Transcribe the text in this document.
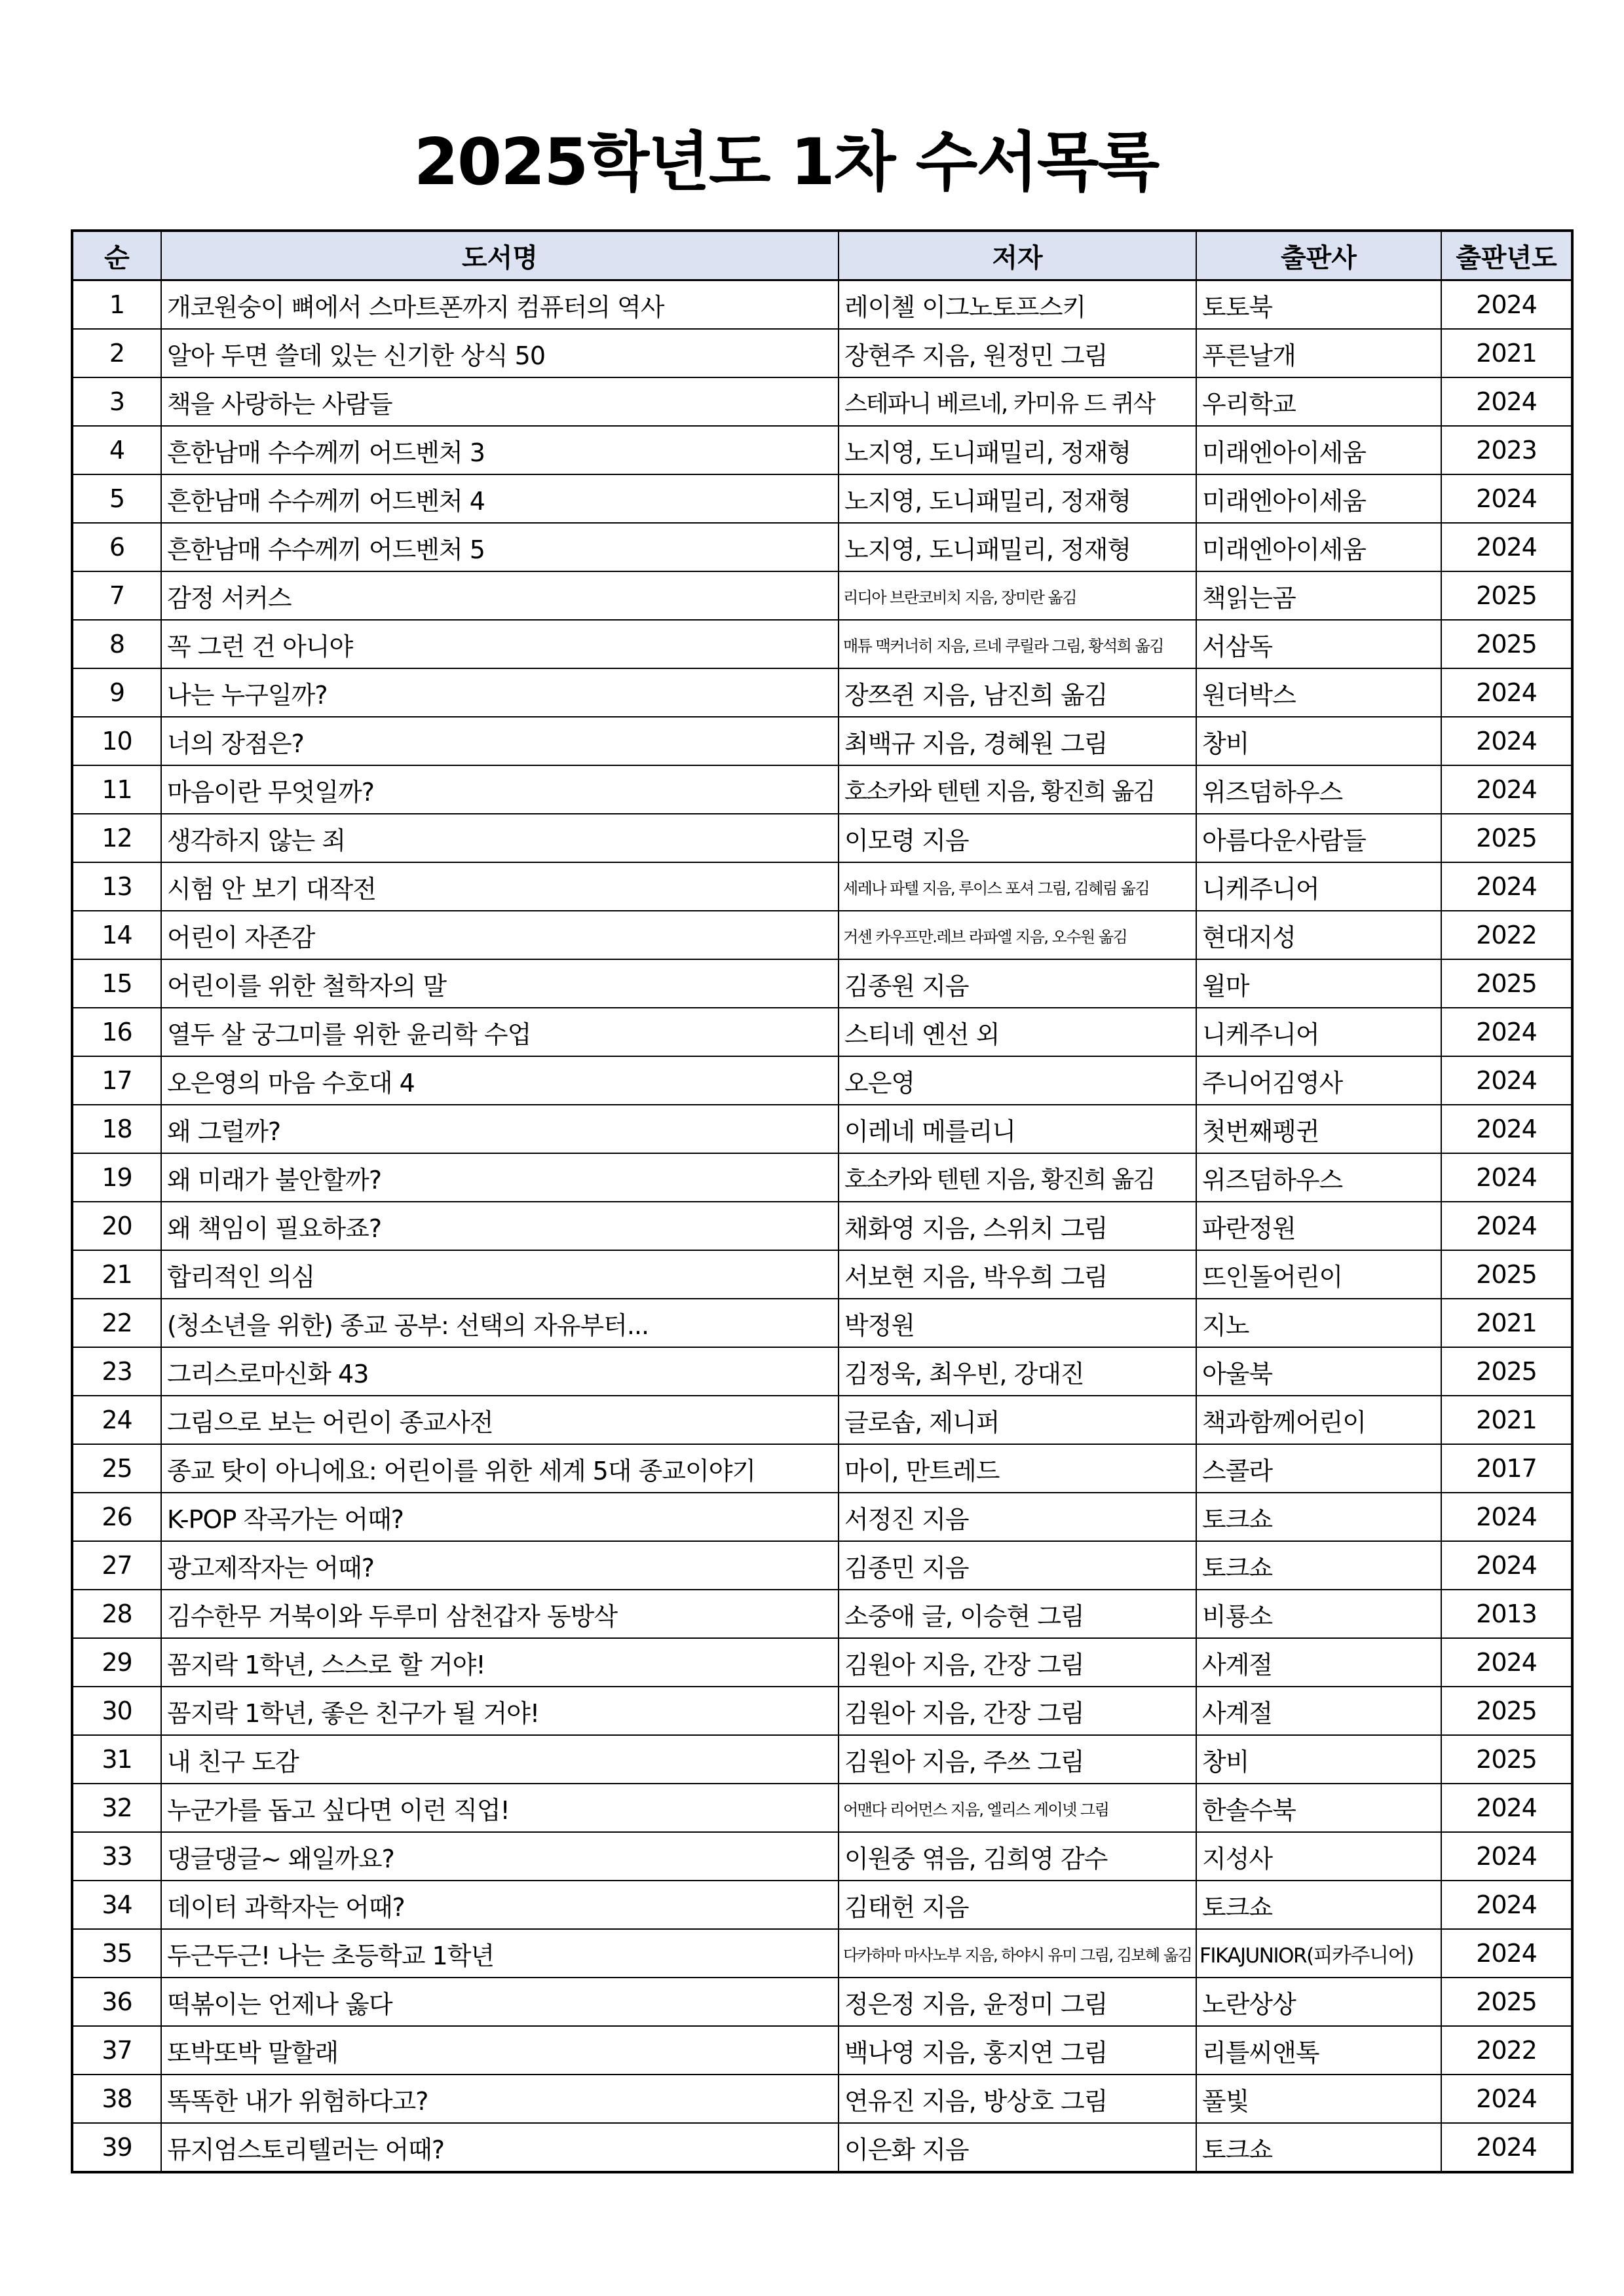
2025학년도 1차 수서목록
순	도서명	저자	출판사	출판년도
1	개코원숭이 뼈에서 스마트폰까지 컴퓨터의 역사	레이첼 이그노토프스키	토토북	2024
2	알아 두면 쓸데 있는 신기한 상식 50	장현주 지음, 원정민 그림	푸른날개	2021
3	책을 사랑하는 사람들	스테파니 베르네, 카미유 드 퀴삭	우리학교	2024
4	흔한남매 수수께끼 어드벤처 3	노지영, 도니패밀리, 정재형	미래엔아이세움	2023
5	흔한남매 수수께끼 어드벤처 4	노지영, 도니패밀리, 정재형	미래엔아이세움	2024
6	흔한남매 수수께끼 어드벤처 5	노지영, 도니패밀리, 정재형	미래엔아이세움	2024
7	감정 서커스	리디아 브란코비치 지음, 장미란 옮김	책읽는곰	2025
8	꼭 그런 건 아니야	매튜 맥커너히 지음, 르네 쿠릴라 그림, 황석희 옮김	서삼독	2025
9	나는 누구일까?	장쯔쥔 지음, 남진희 옮김	원더박스	2024
10	너의 장점은?	최백규 지음, 경혜원 그림	창비	2024
11	마음이란 무엇일까?	호소카와 텐텐 지음, 황진희 옮김	위즈덤하우스	2024
12	생각하지 않는 죄	이모령 지음	아름다운사람들	2025
13	시험 안 보기 대작전	세레나 파텔 지음, 루이스 포셔 그림, 김혜림 옮김	니케주니어	2024
14	어린이 자존감	거센 카우프만.레브 라파엘 지음, 오수원 옮김	현대지성	2022
15	어린이를 위한 철학자의 말	김종원 지음	윌마	2025
16	열두 살 궁그미를 위한 윤리학 수업	스티네 옌선 외	니케주니어	2024
17	오은영의 마음 수호대 4	오은영	주니어김영사	2024
18	왜 그럴까?	이레네 메를리니	첫번째펭귄	2024
19	왜 미래가 불안할까?	호소카와 텐텐 지음, 황진희 옮김	위즈덤하우스	2024
20	왜 책임이 필요하죠?	채화영 지음, 스위치 그림	파란정원	2024
21	합리적인 의심	서보현 지음, 박우희 그림	뜨인돌어린이	2025
22	(청소년을 위한) 종교 공부: 선택의 자유부터...	박정원	지노	2021
23	그리스로마신화 43	김정욱, 최우빈, 강대진	아울북	2025
24	그림으로 보는 어린이 종교사전	글로솝, 제니퍼	책과함께어린이	2021
25	종교 탓이 아니에요: 어린이를 위한 세계 5대 종교이야기	마이, 만트레드	스콜라	2017
26	K-POP 작곡가는 어때?	서정진 지음	토크쇼	2024
27	광고제작자는 어때?	김종민 지음	토크쇼	2024
28	김수한무 거북이와 두루미 삼천갑자 동방삭	소중애 글, 이승현 그림	비룡소	2013
29	꼼지락 1학년, 스스로 할 거야!	김원아 지음, 간장 그림	사계절	2024
30	꼼지락 1학년, 좋은 친구가 될 거야!	김원아 지음, 간장 그림	사계절	2025
31	내 친구 도감	김원아 지음, 주쓰 그림	창비	2025
32	누군가를 돕고 싶다면 이런 직업!	어맨다 리어먼스 지음, 엘리스 게이넷 그림	한솔수북	2024
33	댕글댕글~ 왜일까요?	이원중 엮음, 김희영 감수	지성사	2024
34	데이터 과학자는 어때?	김태헌 지음	토크쇼	2024
35	두근두근! 나는 초등학교 1학년	다카하마 마사노부 지음, 하야시 유미 그림, 김보혜 옮김	FIKAJUNIOR(피카주니어)	2024
36	떡볶이는 언제나 옳다	정은정 지음, 윤정미 그림	노란상상	2025
37	또박또박 말할래	백나영 지음, 홍지연 그림	리틀씨앤톡	2022
38	똑똑한 내가 위험하다고?	연유진 지음, 방상호 그림	풀빛	2024
39	뮤지엄스토리텔러는 어때?	이은화 지음	토크쇼	2024
